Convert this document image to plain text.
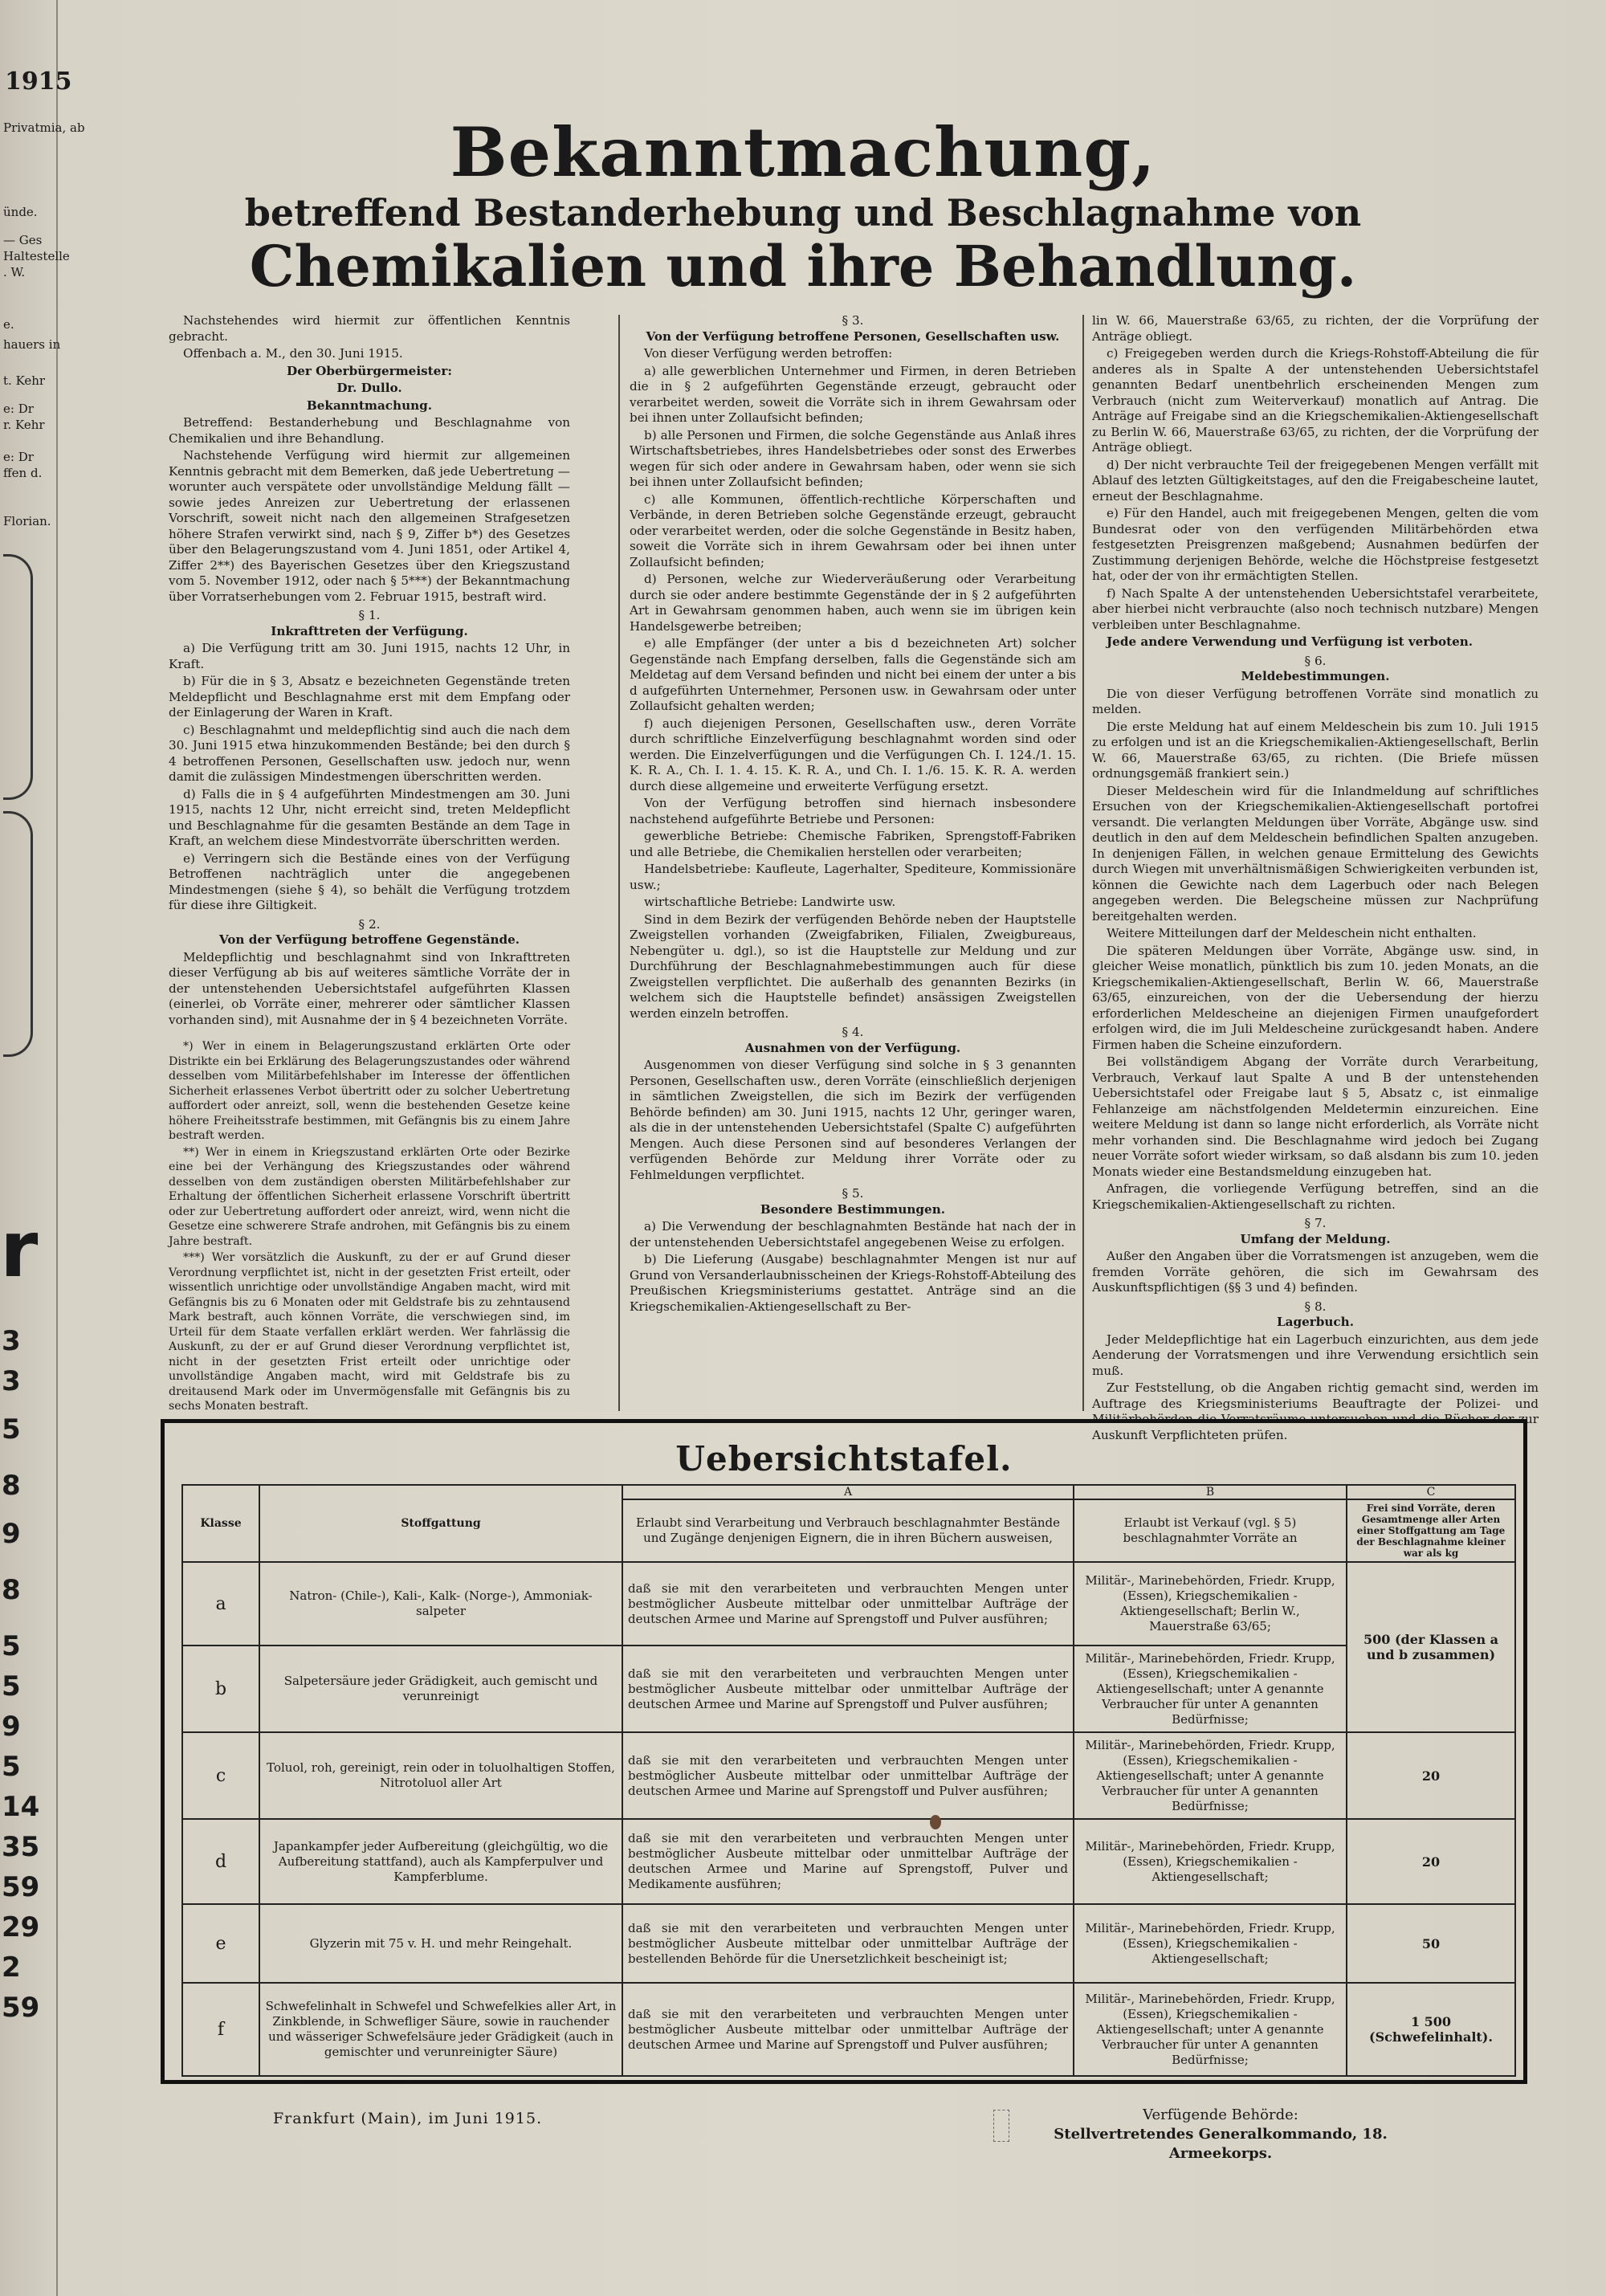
1915
Privatmia, ab
ünde.
— Ges
Haltestelle
. W.
e.
hauers in
t. Kehr
e: Dr
r. Kehr
e: Dr
ffen d.
Florian.
r
3
3
5
8
9
8
5
5
9
5
14
35
59
29
2
59
Bekanntmachung,
betreffend Bestanderhebung und Beschlagnahme von
Chemikalien und ihre Behandlung.

Nachstehendes wird hiermit zur öffentlichen Kenntnis gebracht.

Offenbach a. M., den 30. Juni 1915.

Der Oberbürgermeister:

Dr. Dullo.

Bekanntmachung.

Betreffend: Bestanderhebung und Beschlagnahme von Chemikalien und ihre Behandlung.

Nachstehende Verfügung wird hiermit zur allgemeinen Kenntnis gebracht mit dem Bemerken, daß jede Uebertretung — worunter auch verspätete oder unvollständige Meldung fällt — sowie jedes Anreizen zur Uebertretung der erlassenen Vorschrift, soweit nicht nach den allgemeinen Strafgesetzen höhere Strafen verwirkt sind, nach § 9, Ziffer b*) des Gesetzes über den Belagerungszustand vom 4. Juni 1851, oder Artikel 4, Ziffer 2**) des Bayerischen Gesetzes über den Kriegszustand vom 5. November 1912, oder nach § 5***) der Bekanntmachung über Vorratserhebungen vom 2. Februar 1915, bestraft wird.

§ 1.

Inkrafttreten der Verfügung.

a) Die Verfügung tritt am 30. Juni 1915, nachts 12 Uhr, in Kraft.

b) Für die in § 3, Absatz e bezeichneten Gegenstände treten Meldepflicht und Beschlagnahme erst mit dem Empfang oder der Einlagerung der Waren in Kraft.

c) Beschlagnahmt und meldepflichtig sind auch die nach dem 30. Juni 1915 etwa hinzukommenden Bestände; bei den durch § 4 betroffenen Personen, Gesellschaften usw. jedoch nur, wenn damit die zulässigen Mindestmengen überschritten werden.

d) Falls die in § 4 aufgeführten Mindestmengen am 30. Juni 1915, nachts 12 Uhr, nicht erreicht sind, treten Meldepflicht und Beschlagnahme für die gesamten Bestände an dem Tage in Kraft, an welchem diese Mindestvorräte überschritten werden.

e) Verringern sich die Bestände eines von der Verfügung Betroffenen nachträglich unter die angegebenen Mindestmengen (siehe § 4), so behält die Verfügung trotzdem für diese ihre Giltigkeit.

§ 2.

Von der Verfügung betroffene Gegenstände.

Meldepflichtig und beschlagnahmt sind von Inkrafttreten dieser Verfügung ab bis auf weiteres sämtliche Vorräte der in der untenstehenden Uebersichtstafel aufgeführten Klassen (einerlei, ob Vorräte einer, mehrerer oder sämtlicher Klassen vorhanden sind), mit Ausnahme der in § 4 bezeichneten Vorräte.

*) Wer in einem in Belagerungszustand erklärten Orte oder Distrikte ein bei Erklärung des Belagerungszustandes oder während desselben vom Militärbefehlshaber im Interesse der öffentlichen Sicherheit erlassenes Verbot übertritt oder zu solcher Uebertretung auffordert oder anreizt, soll, wenn die bestehenden Gesetze keine höhere Freiheitsstrafe bestimmen, mit Gefängnis bis zu einem Jahre bestraft werden.

**) Wer in einem in Kriegszustand erklärten Orte oder Bezirke eine bei der Verhängung des Kriegszustandes oder während desselben von dem zuständigen obersten Militärbefehlshaber zur Erhaltung der öffentlichen Sicherheit erlassene Vorschrift übertritt oder zur Uebertretung auffordert oder anreizt, wird, wenn nicht die Gesetze eine schwerere Strafe androhen, mit Gefängnis bis zu einem Jahre bestraft.

***) Wer vorsätzlich die Auskunft, zu der er auf Grund dieser Verordnung verpflichtet ist, nicht in der gesetzten Frist erteilt, oder wissentlich unrichtige oder unvollständige Angaben macht, wird mit Gefängnis bis zu 6 Monaten oder mit Geldstrafe bis zu zehntausend Mark bestraft, auch können Vorräte, die verschwiegen sind, im Urteil für dem Staate verfallen erklärt werden. Wer fahrlässig die Auskunft, zu der er auf Grund dieser Verordnung verpflichtet ist, nicht in der gesetzten Frist erteilt oder unrichtige oder unvollständige Angaben macht, wird mit Geldstrafe bis zu dreitausend Mark oder im Unvermögensfalle mit Gefängnis bis zu sechs Monaten bestraft.

§ 3.

Von der Verfügung betroffene Personen, Gesellschaften usw.

Von dieser Verfügung werden betroffen:

a) alle gewerblichen Unternehmer und Firmen, in deren Betrieben die in § 2 aufgeführten Gegenstände erzeugt, gebraucht oder verarbeitet werden, soweit die Vorräte sich in ihrem Gewahrsam oder bei ihnen unter Zollaufsicht befinden;

b) alle Personen und Firmen, die solche Gegenstände aus Anlaß ihres Wirtschaftsbetriebes, ihres Handelsbetriebes oder sonst des Erwerbes wegen für sich oder andere in Gewahrsam haben, oder wenn sie sich bei ihnen unter Zollaufsicht befinden;

c) alle Kommunen, öffentlich-rechtliche Körperschaften und Verbände, in deren Betrieben solche Gegenstände erzeugt, gebraucht oder verarbeitet werden, oder die solche Gegenstände in Besitz haben, soweit die Vorräte sich in ihrem Gewahrsam oder bei ihnen unter Zollaufsicht befinden;

d) Personen, welche zur Wiederveräußerung oder Verarbeitung durch sie oder andere bestimmte Gegenstände der in § 2 aufgeführten Art in Gewahrsam genommen haben, auch wenn sie im übrigen kein Handelsgewerbe betreiben;

e) alle Empfänger (der unter a bis d bezeichneten Art) solcher Gegenstände nach Empfang derselben, falls die Gegenstände sich am Meldetag auf dem Versand befinden und nicht bei einem der unter a bis d aufgeführten Unternehmer, Personen usw. in Gewahrsam oder unter Zollaufsicht gehalten werden;

f) auch diejenigen Personen, Gesellschaften usw., deren Vorräte durch schriftliche Einzelverfügung beschlagnahmt worden sind oder werden. Die Einzelverfügungen und die Verfügungen Ch. I. 124./1. 15. K. R. A., Ch. I. 1. 4. 15. K. R. A., und Ch. I. 1./6. 15. K. R. A. werden durch diese allgemeine und erweiterte Verfügung ersetzt.

Von der Verfügung betroffen sind hiernach insbesondere nachstehend aufgeführte Betriebe und Personen:

gewerbliche Betriebe: Chemische Fabriken, Sprengstoff-Fabriken und alle Betriebe, die Chemikalien herstellen oder verarbeiten;

Handelsbetriebe: Kaufleute, Lagerhalter, Spediteure, Kommissionäre usw.;

wirtschaftliche Betriebe: Landwirte usw.

Sind in dem Bezirk der verfügenden Behörde neben der Hauptstelle Zweigstellen vorhanden (Zweigfabriken, Filialen, Zweigbureaus, Nebengüter u. dgl.), so ist die Hauptstelle zur Meldung und zur Durchführung der Beschlagnahmebestimmungen auch für diese Zweigstellen verpflichtet. Die außerhalb des genannten Bezirks (in welchem sich die Hauptstelle befindet) ansässigen Zweigstellen werden einzeln betroffen.

§ 4.

Ausnahmen von der Verfügung.

Ausgenommen von dieser Verfügung sind solche in § 3 genannten Personen, Gesellschaften usw., deren Vorräte (einschließlich derjenigen in sämtlichen Zweigstellen, die sich im Bezirk der verfügenden Behörde befinden) am 30. Juni 1915, nachts 12 Uhr, geringer waren, als die in der untenstehenden Uebersichtstafel (Spalte C) aufgeführten Mengen. Auch diese Personen sind auf besonderes Verlangen der verfügenden Behörde zur Meldung ihrer Vorräte oder zu Fehlmeldungen verpflichtet.

§ 5.

Besondere Bestimmungen.

a) Die Verwendung der beschlagnahmten Bestände hat nach der in der untenstehenden Uebersichtstafel angegebenen Weise zu erfolgen.

b) Die Lieferung (Ausgabe) beschlagnahmter Mengen ist nur auf Grund von Versanderlaubnisscheinen der Kriegs-Rohstoff-Abteilung des Preußischen Kriegsministeriums gestattet. Anträge sind an die Kriegschemikalien-Aktiengesellschaft zu Ber-

lin W. 66, Mauerstraße 63/65, zu richten, der die Vorprüfung der Anträge obliegt.

c) Freigegeben werden durch die Kriegs-Rohstoff-Abteilung die für anderes als in Spalte A der untenstehenden Uebersichtstafel genannten Bedarf unentbehrlich erscheinenden Mengen zum Verbrauch (nicht zum Weiterverkauf) monatlich auf Antrag. Die Anträge auf Freigabe sind an die Kriegschemikalien-Aktiengesellschaft zu Berlin W. 66, Mauerstraße 63/65, zu richten, der die Vorprüfung der Anträge obliegt.

d) Der nicht verbrauchte Teil der freigegebenen Mengen verfällt mit Ablauf des letzten Gültigkeitstages, auf den die Freigabescheine lautet, erneut der Beschlagnahme.

e) Für den Handel, auch mit freigegebenen Mengen, gelten die vom Bundesrat oder von den verfügenden Militärbehörden etwa festgesetzten Preisgrenzen maßgebend; Ausnahmen bedürfen der Zustimmung derjenigen Behörde, welche die Höchstpreise festgesetzt hat, oder der von ihr ermächtigten Stellen.

f) Nach Spalte A der untenstehenden Uebersichtstafel verarbeitete, aber hierbei nicht verbrauchte (also noch technisch nutzbare) Mengen verbleiben unter Beschlagnahme.

Jede andere Verwendung und Verfügung ist verboten.

§ 6.

Meldebestimmungen.

Die von dieser Verfügung betroffenen Vorräte sind monatlich zu melden.

Die erste Meldung hat auf einem Meldeschein bis zum 10. Juli 1915 zu erfolgen und ist an die Kriegschemikalien-Aktiengesellschaft, Berlin W. 66, Mauerstraße 63/65, zu richten. (Die Briefe müssen ordnungsgemäß frankiert sein.)

Dieser Meldeschein wird für die Inlandmeldung auf schriftliches Ersuchen von der Kriegschemikalien-Aktiengesellschaft portofrei versandt. Die verlangten Meldungen über Vorräte, Abgänge usw. sind deutlich in den auf dem Meldeschein befindlichen Spalten anzugeben. In denjenigen Fällen, in welchen genaue Ermittelung des Gewichts durch Wiegen mit unverhältnismäßigen Schwierigkeiten verbunden ist, können die Gewichte nach dem Lagerbuch oder nach Belegen angegeben werden. Die Belegscheine müssen zur Nachprüfung bereitgehalten werden.

Weitere Mitteilungen darf der Meldeschein nicht enthalten.

Die späteren Meldungen über Vorräte, Abgänge usw. sind, in gleicher Weise monatlich, pünktlich bis zum 10. jeden Monats, an die Kriegschemikalien-Aktiengesellschaft, Berlin W. 66, Mauerstraße 63/65, einzureichen, von der die Uebersendung der hierzu erforderlichen Meldescheine an diejenigen Firmen unaufgefordert erfolgen wird, die im Juli Meldescheine zurückgesandt haben. Andere Firmen haben die Scheine einzufordern.

Bei vollständigem Abgang der Vorräte durch Verarbeitung, Verbrauch, Verkauf laut Spalte A und B der untenstehenden Uebersichtstafel oder Freigabe laut § 5, Absatz c, ist einmalige Fehlanzeige am nächstfolgenden Meldetermin einzureichen. Eine weitere Meldung ist dann so lange nicht erforderlich, als Vorräte nicht mehr vorhanden sind. Die Beschlagnahme wird jedoch bei Zugang neuer Vorräte sofort wieder wirksam, so daß alsdann bis zum 10. jeden Monats wieder eine Bestandsmeldung einzugeben hat.

Anfragen, die vorliegende Verfügung betreffen, sind an die Kriegschemikalien-Aktiengesellschaft zu richten.

§ 7.

Umfang der Meldung.

Außer den Angaben über die Vorratsmengen ist anzugeben, wem die fremden Vorräte gehören, die sich im Gewahrsam des Auskunftspflichtigen (§§ 3 und 4) befinden.

§ 8.

Lagerbuch.

Jeder Meldepflichtige hat ein Lagerbuch einzurichten, aus dem jede Aenderung der Vorratsmengen und ihre Verwendung ersichtlich sein muß.

Zur Feststellung, ob die Angaben richtig gemacht sind, werden im Auftrage des Kriegsministeriums Beauftragte der Polizei- und Militärbehörden die Vorratsräume untersuchen und die Bücher der zur Auskunft Verpflichteten prüfen.

Uebersichtstafel.
Klasse	Stoffgattung	A	B	C
		Erlaubt sind Verarbeitung und Verbrauch beschlagnahmter Bestände und Zugänge denjenigen Eignern, die in ihren Büchern ausweisen,	Erlaubt ist Verkauf (vgl. § 5) beschlagnahmter Vorräte an	Frei sind Vorräte, deren Gesamtmenge aller Arten einer Stoffgattung am Tage der Beschlagnahme kleiner war als kg
a	Natron- (Chile-), Kali-, Kalk- (Norge-), Ammoniak-salpeter	daß sie mit den verarbeiteten und verbrauchten Mengen unter bestmöglicher Ausbeute mittelbar oder unmittelbar Aufträge der deutschen Armee und Marine auf Sprengstoff und Pulver ausführen;	Militär-, Marinebehörden, Friedr. Krupp, (Essen), Kriegschemikalien - Aktiengesellschaft; Berlin W., Mauerstraße 63/65;	500 (der Klassen a und b zusammen)
b	Salpetersäure jeder Grädigkeit, auch gemischt und verunreinigt	daß sie mit den verarbeiteten und verbrauchten Mengen unter bestmöglicher Ausbeute mittelbar oder unmittelbar Aufträge der deutschen Armee und Marine auf Sprengstoff und Pulver ausführen;	Militär-, Marinebehörden, Friedr. Krupp, (Essen), Kriegschemikalien - Aktiengesellschaft; unter A genannte Verbraucher für unter A genannten Bedürfnisse;	
c	Toluol, roh, gereinigt, rein oder in toluolhaltigen Stoffen, Nitrotoluol aller Art	daß sie mit den verarbeiteten und verbrauchten Mengen unter bestmöglicher Ausbeute mittelbar oder unmittelbar Aufträge der deutschen Armee und Marine auf Sprengstoff und Pulver ausführen;	Militär-, Marinebehörden, Friedr. Krupp, (Essen), Kriegschemikalien - Aktiengesellschaft; unter A genannte Verbraucher für unter A genannten Bedürfnisse;	20
d	Japankampfer jeder Aufbereitung (gleichgültig, wo die Aufbereitung stattfand), auch als Kampferpulver und Kampferblume.	daß sie mit den verarbeiteten und verbrauchten Mengen unter bestmöglicher Ausbeute mittelbar oder unmittelbar Aufträge der deutschen Armee und Marine auf Sprengstoff, Pulver und Medikamente ausführen;	Militär-, Marinebehörden, Friedr. Krupp, (Essen), Kriegschemikalien - Aktiengesellschaft;	20
e	Glyzerin mit 75 v. H. und mehr Reingehalt.	daß sie mit den verarbeiteten und verbrauchten Mengen unter bestmöglicher Ausbeute mittelbar oder unmittelbar Aufträge der bestellenden Behörde für die Unersetzlichkeit bescheinigt ist;	Militär-, Marinebehörden, Friedr. Krupp, (Essen), Kriegschemikalien - Aktiengesellschaft;	50
f	Schwefelinhalt in Schwefel und Schwefelkies aller Art, in Zinkblende, in Schwefliger Säure, sowie in rauchender und wässeriger Schwefelsäure jeder Grädigkeit (auch in gemischter und verunreinigter Säure)	daß sie mit den verarbeiteten und verbrauchten Mengen unter bestmöglicher Ausbeute mittelbar oder unmittelbar Aufträge der deutschen Armee und Marine auf Sprengstoff und Pulver ausführen;	Militär-, Marinebehörden, Friedr. Krupp, (Essen), Kriegschemikalien - Aktiengesellschaft; unter A genannte Verbraucher für unter A genannten Bedürfnisse;	1 500 (Schwefelinhalt).
Frankfurt (Main), im Juni 1915.	Verfügende Behörde:
Stellvertretendes Generalkommando, 18. Armeekorps.
